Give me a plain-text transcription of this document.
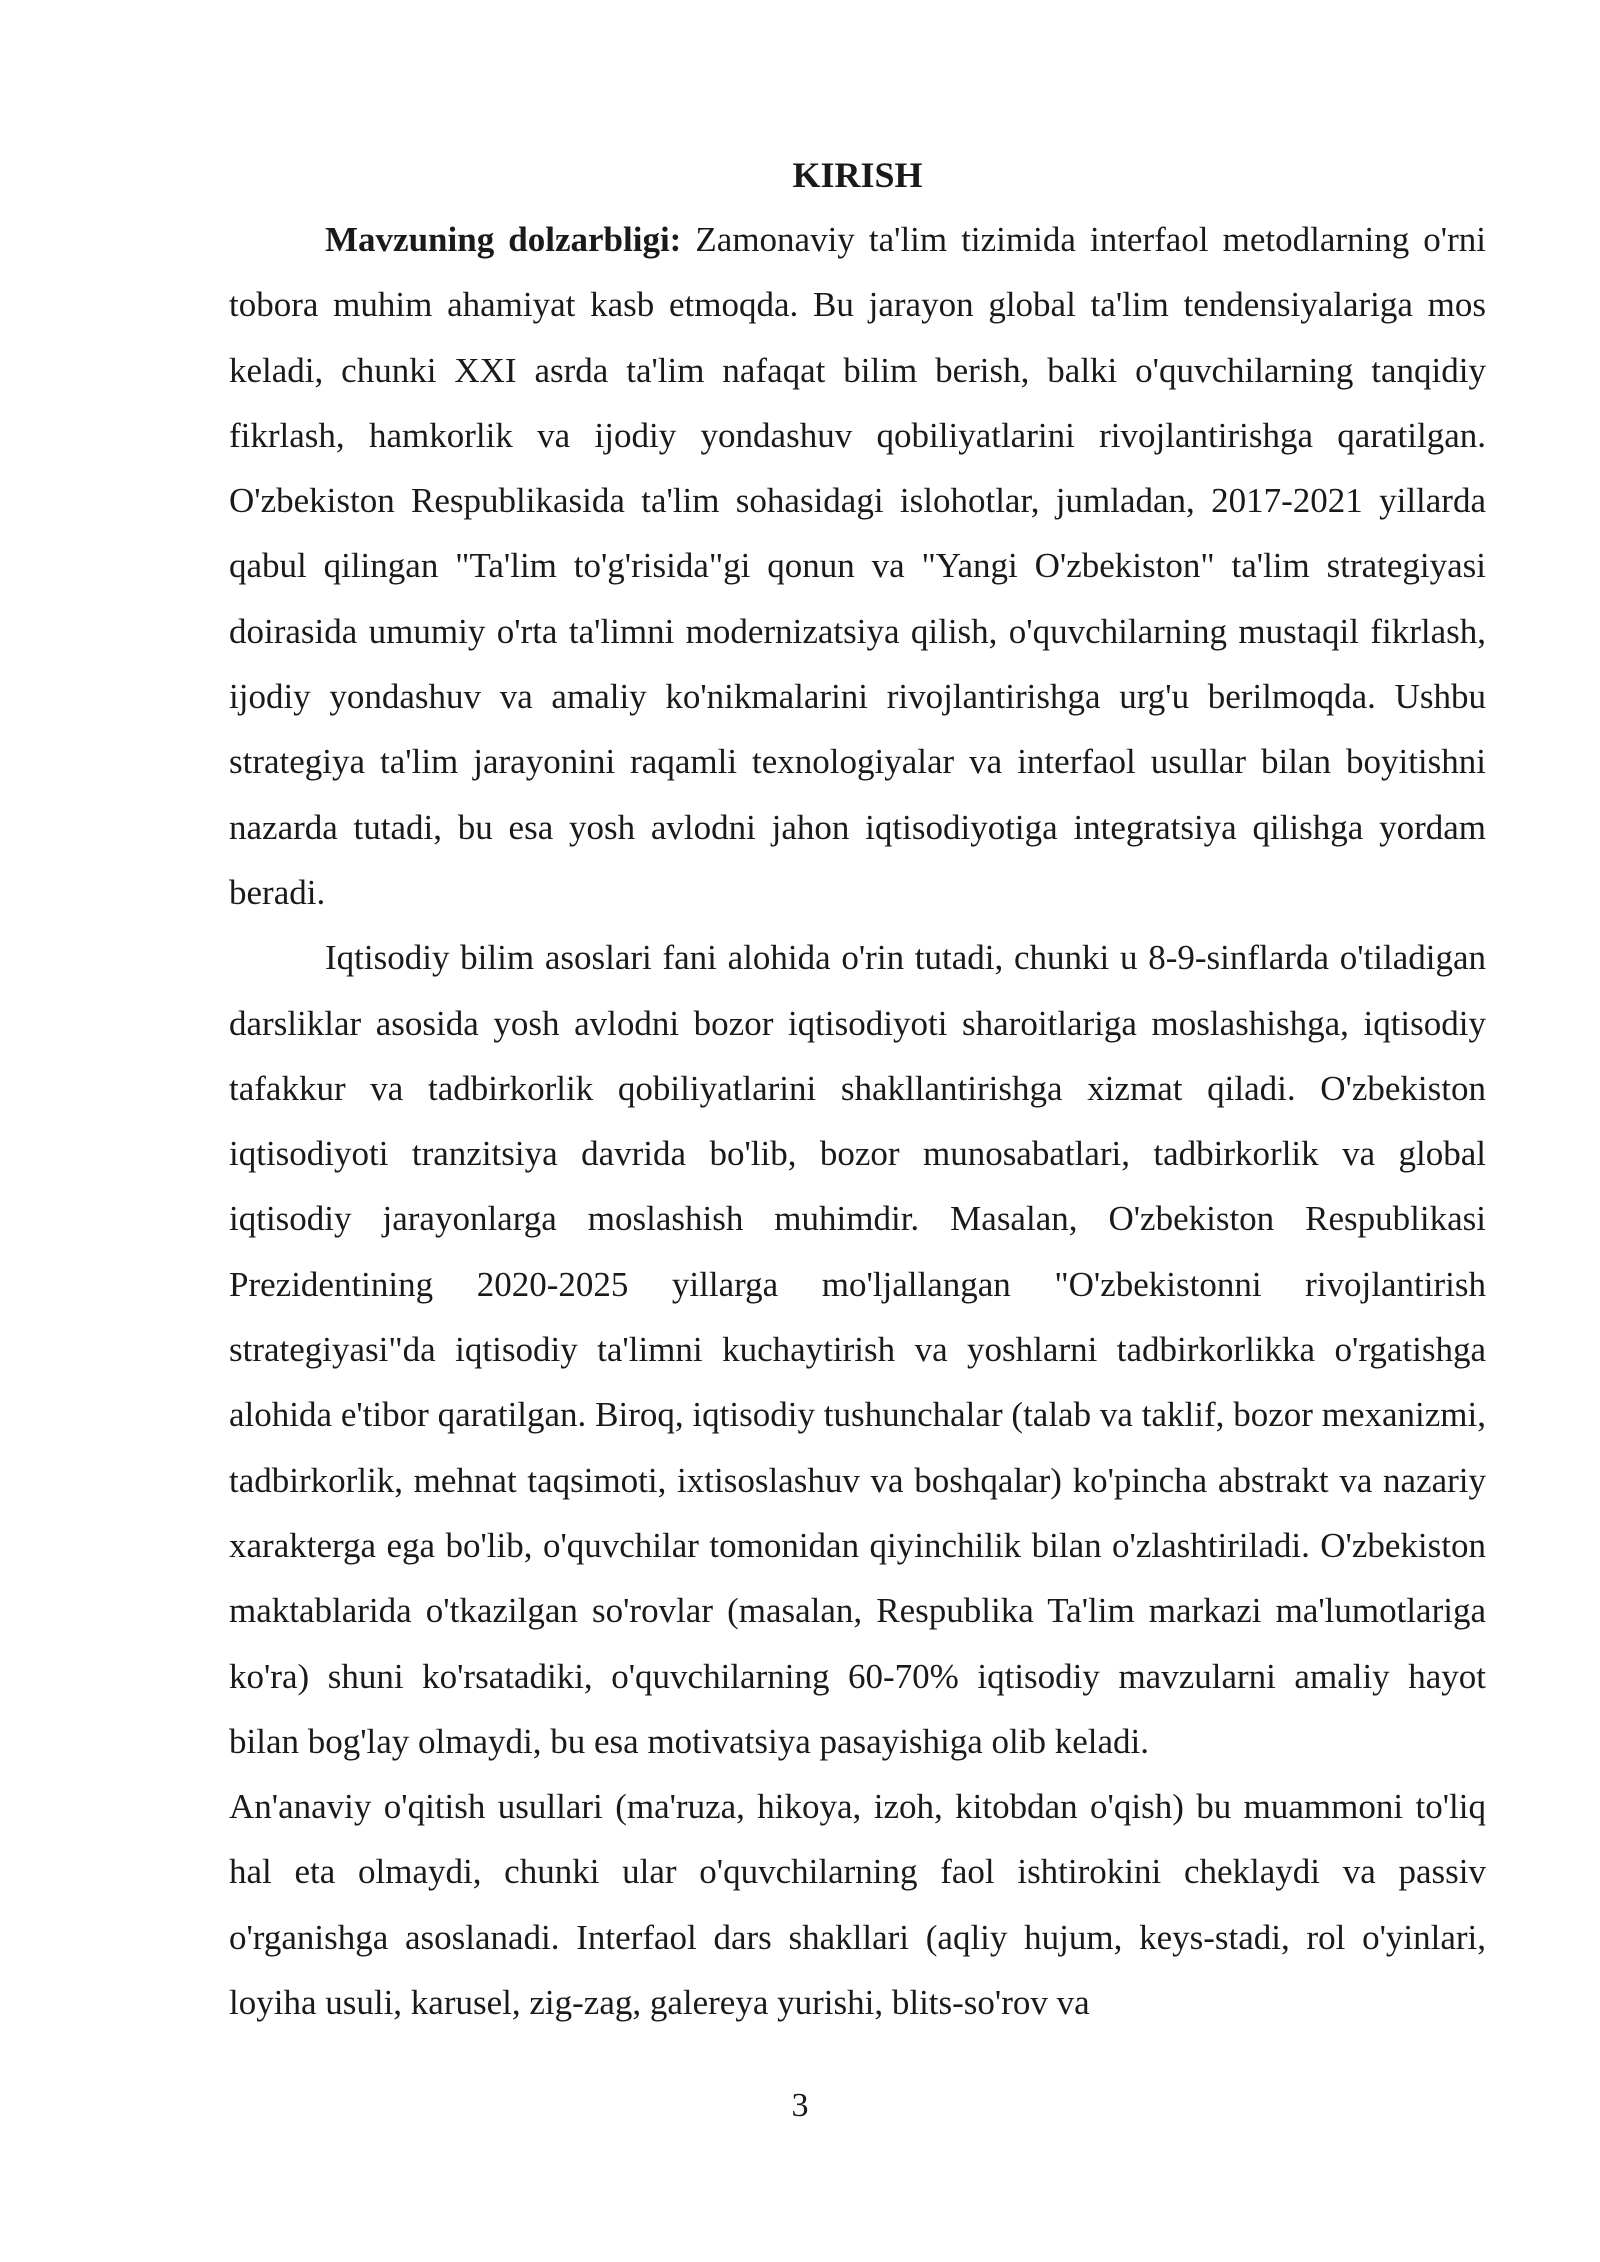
KIRISH

Mavzuning dolzarbligi: Zamonaviy ta'lim tizimida interfaol metodlarning o'rni tobora muhim ahamiyat kasb etmoqda. Bu jarayon global ta'lim tendensiyalariga mos keladi, chunki XXI asrda ta'lim nafaqat bilim berish, balki o'quvchilarning tanqidiy fikrlash, hamkorlik va ijodiy yondashuv qobiliyatlarini rivojlantirishga qaratilgan. O'zbekiston Respublikasida ta'lim sohasidagi islohotlar, jumladan, 2017-2021 yillarda qabul qilingan "Ta'lim to'g'risida"gi qonun va "Yangi O'zbekiston" ta'lim strategiyasi doirasida umumiy o'rta ta'limni modernizatsiya qilish, o'quvchilarning mustaqil fikrlash, ijodiy yondashuv va amaliy ko'nikmalarini rivojlantirishga urg'u berilmoqda. Ushbu strategiya ta'lim jarayonini raqamli texnologiyalar va interfaol usullar bilan boyitishni nazarda tutadi, bu esa yosh avlodni jahon iqtisodiyotiga integratsiya qilishga yordam beradi.

Iqtisodiy bilim asoslari fani alohida o'rin tutadi, chunki u 8-9-sinflarda o'tiladigan darsliklar asosida yosh avlodni bozor iqtisodiyoti sharoitlariga moslashishga, iqtisodiy tafakkur va tadbirkorlik qobiliyatlarini shakllantirishga xizmat qiladi. O'zbekiston iqtisodiyoti tranzitsiya davrida bo'lib, bozor munosabatlari, tadbirkorlik va global iqtisodiy jarayonlarga moslashish muhimdir. Masalan, O'zbekiston Respublikasi Prezidentining 2020-2025 yillarga mo'ljallangan "O'zbekistonni rivojlantirish strategiyasi"da iqtisodiy ta'limni kuchaytirish va yoshlarni tadbirkorlikka o'rgatishga alohida e'tibor qaratilgan. Biroq, iqtisodiy tushunchalar (talab va taklif, bozor mexanizmi, tadbirkorlik, mehnat taqsimoti, ixtisoslashuv va boshqalar) ko'pincha abstrakt va nazariy xarakterga ega bo'lib, o'quvchilar tomonidan qiyinchilik bilan o'zlashtiriladi. O'zbekiston maktablarida o'tkazilgan so'rovlar (masalan, Respublika Ta'lim markazi ma'lumotlariga ko'ra) shuni ko'rsatadiki, o'quvchilarning 60-70% iqtisodiy mavzularni amaliy hayot bilan bog'lay olmaydi, bu esa motivatsiya pasayishiga olib keladi.

An'anaviy o'qitish usullari (ma'ruza, hikoya, izoh, kitobdan o'qish) bu muammoni to'liq hal eta olmaydi, chunki ular o'quvchilarning faol ishtirokini cheklaydi va passiv o'rganishga asoslanadi. Interfaol dars shakllari (aqliy hujum, keys-stadi, rol o'yinlari, loyiha usuli, karusel, zig-zag, galereya yurishi, blits-so'rov va

3
